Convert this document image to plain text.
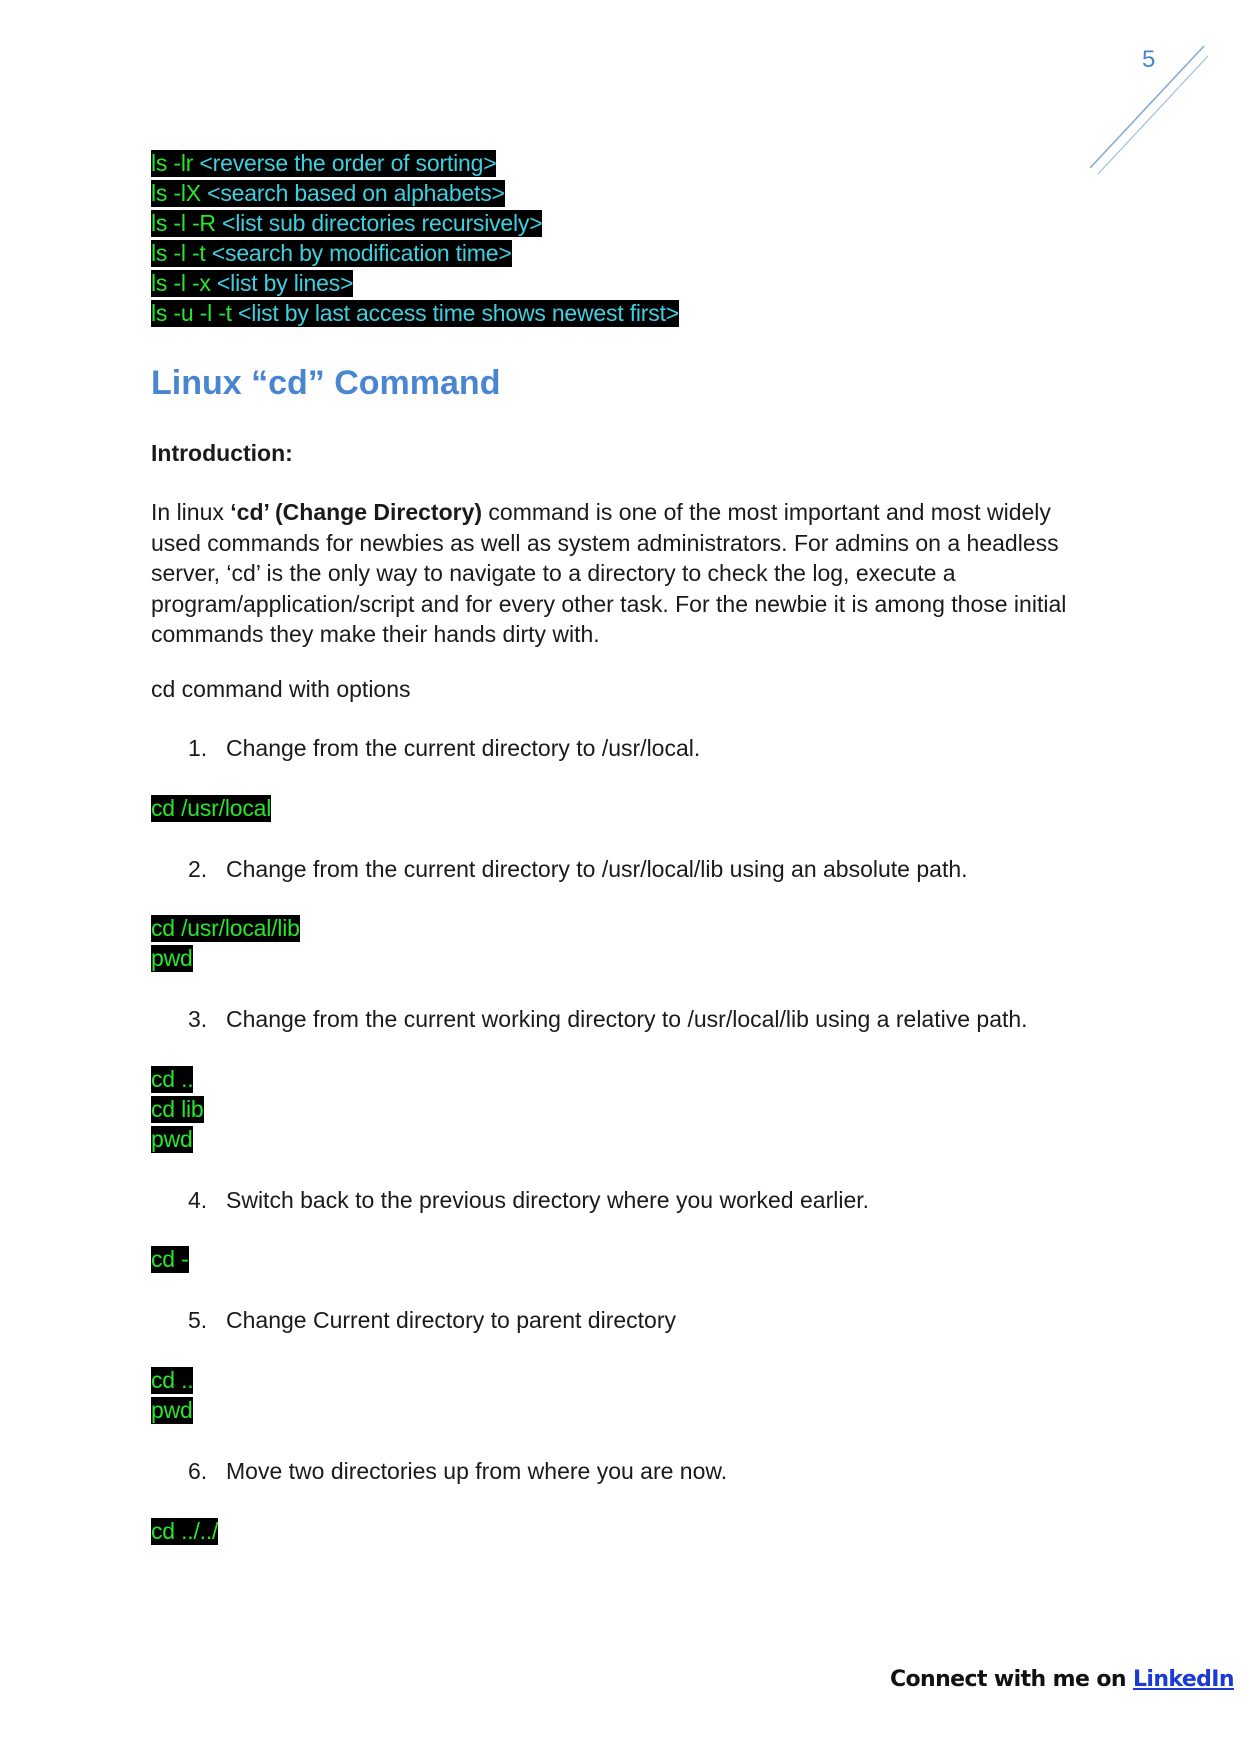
5
ls -lr <reverse the order of sorting>
ls -lX <search based on alphabets>
ls -l -R <list sub directories recursively>
ls -l -t <search by modification time>
ls -l -x <list by lines>
ls -u -l -t <list by last access time shows newest first>
Linux “cd” Command
Introduction:

In linux ‘cd’ (Change Directory) command is one of the most important and most widely used commands for newbies as well as system administrators. For admins on a headless server, ‘cd’ is the only way to navigate to a directory to check the log, execute a program/application/script and for every other task. For the newbie it is among those initial commands they make their hands dirty with.

cd command with options

1. Change from the current directory to /usr/local.

cd /usr/local

2. Change from the current directory to /usr/local/lib using an absolute path.

cd /usr/local/lib
pwd

3. Change from the current working directory to /usr/local/lib using a relative path.

cd ..
cd lib
pwd

4. Switch back to the previous directory where you worked earlier.

cd -

5. Change Current directory to parent directory

cd ..
pwd

6. Move two directories up from where you are now.

cd ../../
Connect with me on LinkedIn
